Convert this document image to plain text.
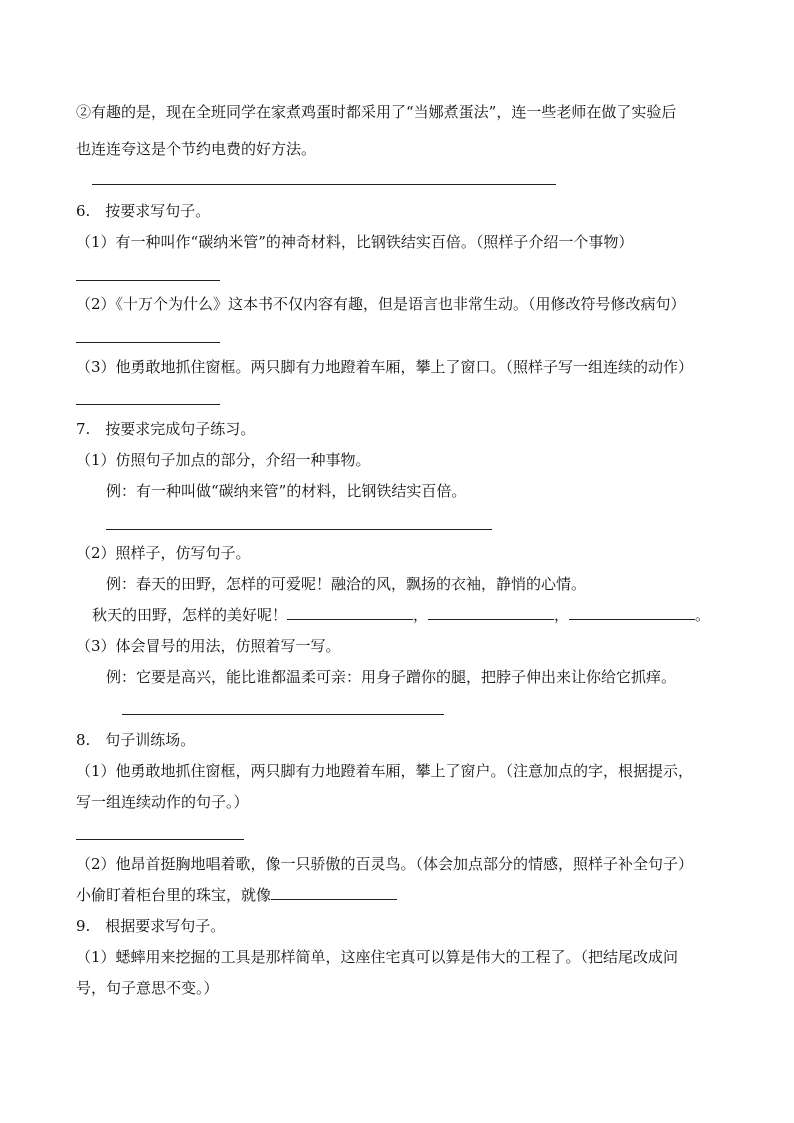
②有趣的是，现在全班同学在家煮鸡蛋时都采用了“当娜煮蛋法”，连一些老师在做了实验后
也连连夸这是个节约电费的好方法。
6.　按要求写句子。
（1）有一种叫作“碳纳米管”的神奇材料，比钢铁结实百倍。（照样子介绍一个事物）
（2）《十万个为什么》这本书不仅内容有趣，但是语言也非常生动。（用修改符号修改病句）
（3）他勇敢地抓住窗框。两只脚有力地蹬着车厢，攀上了窗口。（照样子写一组连续的动作）
7.　按要求完成句子练习。
（1）仿照句子加点的部分，介绍一种事物。
例：有一种叫做“碳纳来管”的材料，比钢铁结实百倍。
（2）照样子，仿写句子。
例：春天的田野，怎样的可爱呢！融洽的风，飘扬的衣袖，静悄的心情。
秋天的田野，怎样的美好呢！	，	，	。
（3）体会冒号的用法，仿照着写一写。
例：它要是高兴，能比谁都温柔可亲：用身子蹭你的腿，把脖子伸出来让你给它抓痒。
8.　句子训练场。
（1）他勇敢地抓住窗框，两只脚有力地蹬着车厢，攀上了窗户。（注意加点的字，根据提示，
写一组连续动作的句子。）
（2）他昂首挺胸地唱着歌，像一只骄傲的百灵鸟。（体会加点部分的情感，照样子补全句子）
小偷盯着柜台里的珠宝，就像
9.　根据要求写句子。
（1）蟋蟀用来挖掘的工具是那样简单，这座住宅真可以算是伟大的工程了。（把结尾改成问
号，句子意思不变。）
